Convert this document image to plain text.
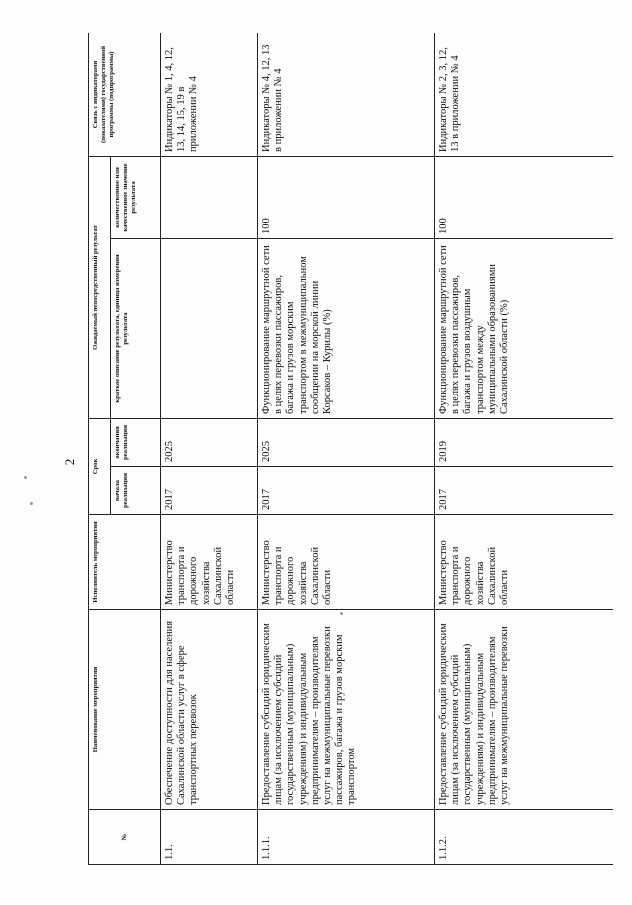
2
№	Наименование мероприятия	Исполнитель мероприятия	Срок		Ожидаемый непосредственный результат		Связь с индикаторами (показателями) государственной программы (подпрограммы)
			начала реализации	окончания реализации	краткое описание результата, единица измерения результата	количественное или качественное значение результата	
1.1.	Обеспечение доступности для населения Сахалинской области услуг в сфере транспортных перевозок	Министерство транспорта и дорожного хозяйства Сахалинской области	2017	2025			Индикаторы № 1, 4, 12, 13, 14, 15, 19 в приложении № 4
1.1.1.	Предоставление субсидий юридическим лицам (за исключением субсидий государственным (муниципальным) учреждениям) и индивидуальным предпринимателям – производителям услуг на межмуниципальные перевозки пассажиров, багажа и грузов морским транспортом	Министерство транспорта и дорожного хозяйства Сахалинской области	2017	2025	Функционирование маршрутной сети в целях перевозки пассажиров, багажа и грузов морским транспортом в межмуниципальном сообщении на морской линии Корсаков – Курилы (%)	100	Индикаторы № 4, 12, 13 в приложении № 4
1.1.2.	Предоставление субсидий юридическим лицам (за исключением субсидий государственным (муниципальным) учреждениям) и индивидуальным предпринимателям – производителям услуг на межмуниципальные перевозки	Министерство транспорта и дорожного хозяйства Сахалинской области	2017	2019	Функционирование маршрутной сети в целях перевозки пассажиров, багажа и грузов воздушным транспортом между муниципальными образованиями Сахалинской области (%)	100	Индикаторы № 2, 3, 12, 13 в приложении № 4
